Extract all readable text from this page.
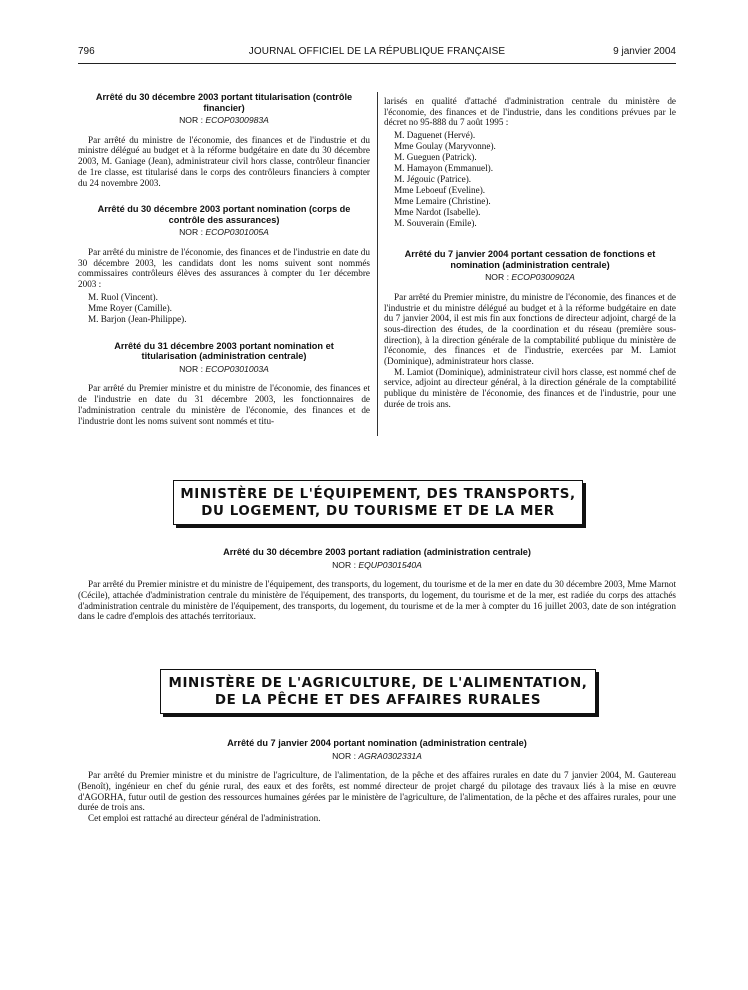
796	JOURNAL OFFICIEL DE LA RÉPUBLIQUE FRANÇAISE	9 janvier 2004
Arrêté du 30 décembre 2003 portant titularisation (contrôle financier)
NOR : ECOP0300983A

Par arrêté du ministre de l'économie, des finances et de l'industrie et du ministre délégué au budget et à la réforme budgétaire en date du 30 décembre 2003, M. Ganiage (Jean), administrateur civil hors classe, contrôleur financier de 1re classe, est titularisé dans le corps des contrôleurs financiers à compter du 24 novembre 2003.

Arrêté du 30 décembre 2003 portant nomination (corps de contrôle des assurances)
NOR : ECOP0301005A

Par arrêté du ministre de l'économie, des finances et de l'industrie en date du 30 décembre 2003, les candidats dont les noms suivent sont nommés commissaires contrôleurs élèves des assurances à compter du 1er décembre 2003 :

M. Ruol (Vincent).
Mme Royer (Camille).
M. Barjon (Jean-Philippe).
Arrêté du 31 décembre 2003 portant nomination et titularisation (administration centrale)
NOR : ECOP0301003A

Par arrêté du Premier ministre et du ministre de l'économie, des finances et de l'industrie en date du 31 décembre 2003, les fonctionnaires de l'administration centrale du ministère de l'économie, des finances et de l'industrie dont les noms suivent sont nommés et titu-

larisés en qualité d'attaché d'administration centrale du ministère de l'économie, des finances et de l'industrie, dans les conditions prévues par le décret no 95-888 du 7 août 1995 :

M. Daguenet (Hervé).
Mme Goulay (Maryvonne).
M. Gueguen (Patrick).
M. Hamayon (Emmanuel).
M. Jégouic (Patrice).
Mme Leboeuf (Eveline).
Mme Lemaire (Christine).
Mme Nardot (Isabelle).
M. Souverain (Emile).
Arrêté du 7 janvier 2004 portant cessation de fonctions et nomination (administration centrale)
NOR : ECOP0300902A

Par arrêté du Premier ministre, du ministre de l'économie, des finances et de l'industrie et du ministre délégué au budget et à la réforme budgétaire en date du 7 janvier 2004, il est mis fin aux fonctions de directeur adjoint, chargé de la sous-direction des études, de la coordination et du réseau (première sous-direction), à la direction générale de la comptabilité publique du ministère de l'économie, des finances et de l'industrie, exercées par M. Lamiot (Dominique), administrateur hors classe.

M. Lamiot (Dominique), administrateur civil hors classe, est nommé chef de service, adjoint au directeur général, à la direction générale de la comptabilité publique du ministère de l'économie, des finances et de l'industrie, pour une durée de trois ans.

MINISTÈRE DE L'ÉQUIPEMENT, DES TRANSPORTS,
DU LOGEMENT, DU TOURISME ET DE LA MER
Arrêté du 30 décembre 2003 portant radiation (administration centrale)
NOR : EQUP0301540A

Par arrêté du Premier ministre et du ministre de l'équipement, des transports, du logement, du tourisme et de la mer en date du 30 décembre 2003, Mme Marnot (Cécile), attachée d'administration centrale du ministère de l'équipement, des transports, du logement, du tourisme et de la mer, est radiée du corps des attachés d'administration centrale du ministère de l'équipement, des transports, du logement, du tourisme et de la mer à compter du 16 juillet 2003, date de son intégration dans le cadre d'emplois des attachés territoriaux.

MINISTÈRE DE L'AGRICULTURE, DE L'ALIMENTATION,
DE LA PÊCHE ET DES AFFAIRES RURALES
Arrêté du 7 janvier 2004 portant nomination (administration centrale)
NOR : AGRA0302331A

Par arrêté du Premier ministre et du ministre de l'agriculture, de l'alimentation, de la pêche et des affaires rurales en date du 7 janvier 2004, M. Gautereau (Benoît), ingénieur en chef du génie rural, des eaux et des forêts, est nommé directeur de projet chargé du pilotage des travaux liés à la mise en œuvre d'AGORHA, futur outil de gestion des ressources humaines gérées par le ministère de l'agriculture, de l'alimentation, de la pêche et des affaires rurales, pour une durée de trois ans.

Cet emploi est rattaché au directeur général de l'administration.
